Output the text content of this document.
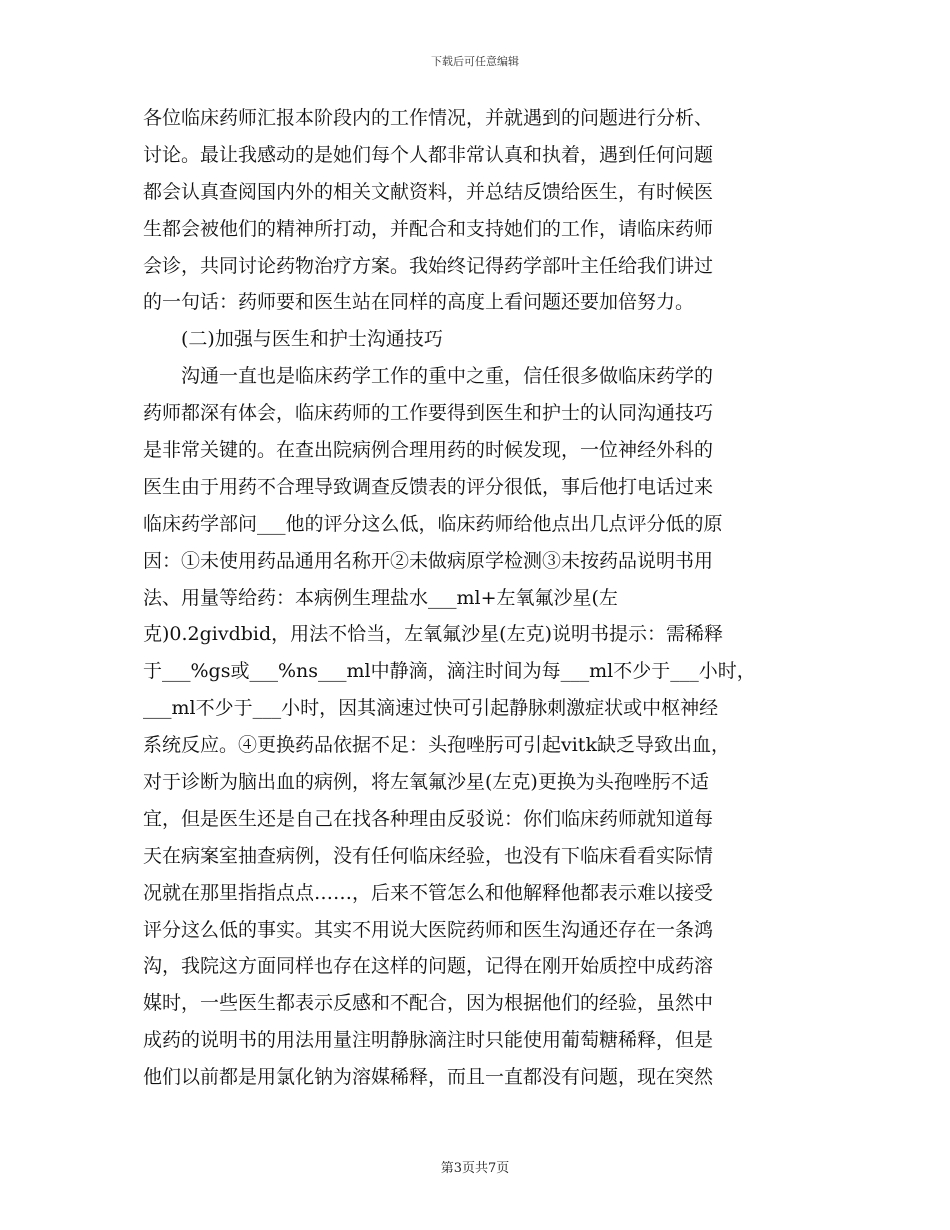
下载后可任意编辑
各位临床药师汇报本阶段内的工作情况，并就遇到的问题进行分析、
讨论。最让我感动的是她们每个人都非常认真和执着，遇到任何问题
都会认真查阅国内外的相关文献资料，并总结反馈给医生，有时候医
生都会被他们的精神所打动，并配合和支持她们的工作，请临床药师
会诊，共同讨论药物治疗方案。我始终记得药学部叶主任给我们讲过
的一句话：药师要和医生站在同样的高度上看问题还要加倍努力。
　　(二)加强与医生和护士沟通技巧
　　沟通一直也是临床药学工作的重中之重，信任很多做临床药学的
药师都深有体会，临床药师的工作要得到医生和护士的认同沟通技巧
是非常关键的。在查出院病例合理用药的时候发现，一位神经外科的
医生由于用药不合理导致调查反馈表的评分很低，事后他打电话过来
临床药学部问___他的评分这么低，临床药师给他点出几点评分低的原
因：①未使用药品通用名称开②未做病原学检测③未按药品说明书用
法、用量等给药：本病例生理盐水___ml+左氧氟沙星(左
克)0.2givdbid，用法不恰当，左氧氟沙星(左克)说明书提示：需稀释
于___%gs或___%ns___ml中静滴，滴注时间为每___ml不少于___小时，
___ml不少于___小时，因其滴速过快可引起静脉刺激症状或中枢神经
系统反应。④更换药品依据不足：头孢唑肟可引起vitk缺乏导致出血，
对于诊断为脑出血的病例，将左氧氟沙星(左克)更换为头孢唑肟不适
宜，但是医生还是自己在找各种理由反驳说：你们临床药师就知道每
天在病案室抽查病例，没有任何临床经验，也没有下临床看看实际情
况就在那里指指点点……，后来不管怎么和他解释他都表示难以接受
评分这么低的事实。其实不用说大医院药师和医生沟通还存在一条鸿
沟，我院这方面同样也存在这样的问题，记得在刚开始质控中成药溶
媒时，一些医生都表示反感和不配合，因为根据他们的经验，虽然中
成药的说明书的用法用量注明静脉滴注时只能使用葡萄糖稀释，但是
他们以前都是用氯化钠为溶媒稀释，而且一直都没有问题，现在突然
第3页共7页
